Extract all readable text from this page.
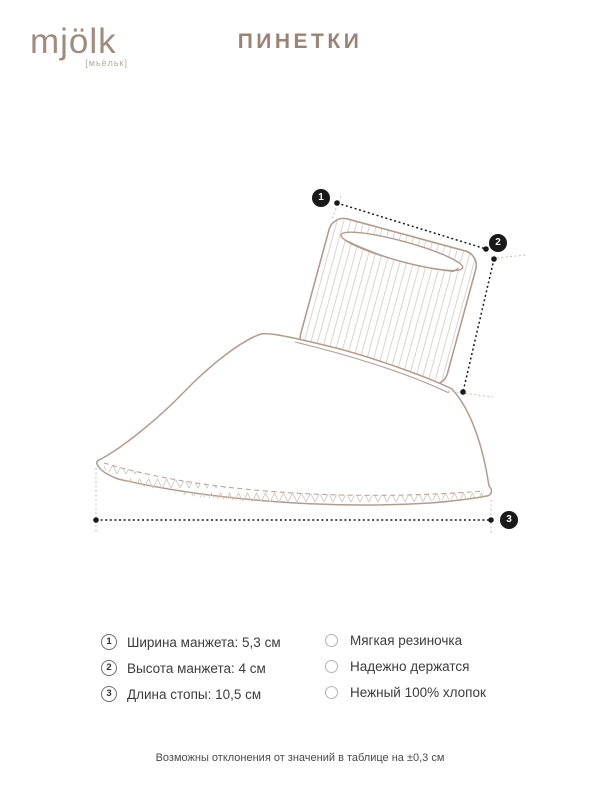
mjölk
[мьёльк]
ПИНЕТКИ
1
2
3
1	Ширина манжета: 5,3 см
2	Высота манжета: 4 см
3	Длина стопы: 10,5 см
Мягкая резиночка
Надежно держатся
Нежный 100% хлопок
Возможны отклонения от значений в таблице на ±0,3 см
